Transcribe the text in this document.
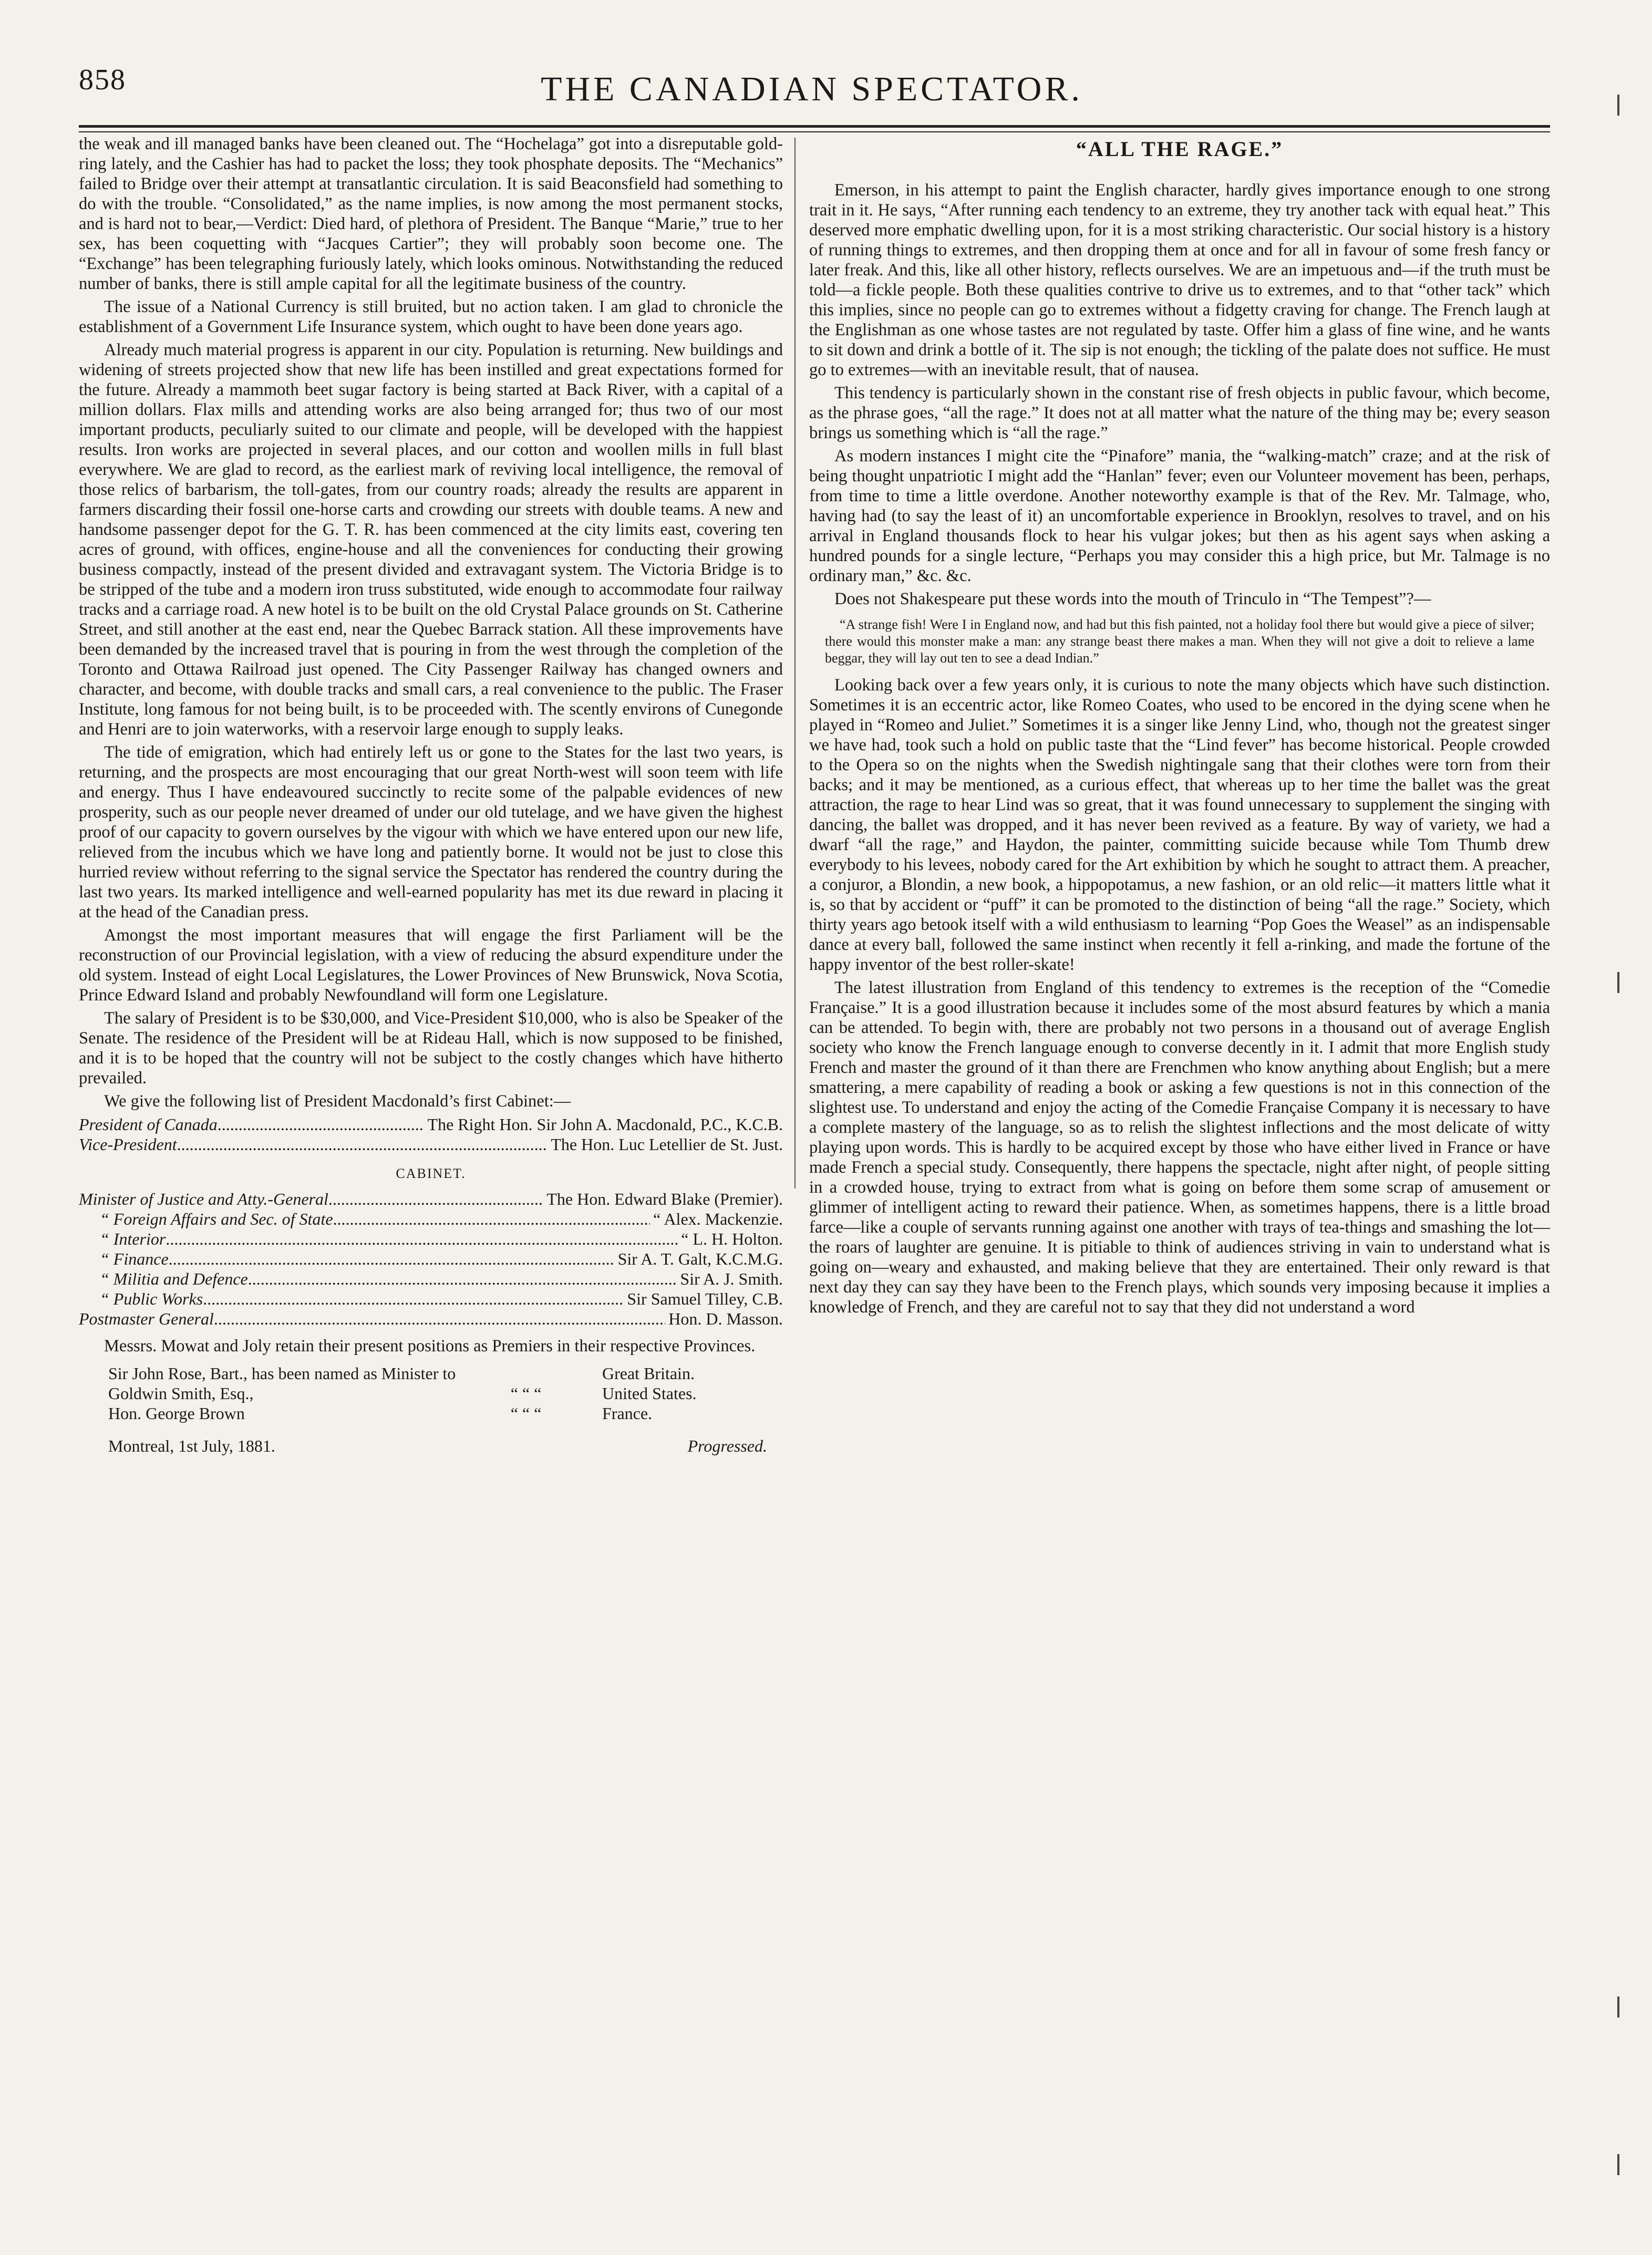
858	THE CANADIAN SPECTATOR.

the weak and ill managed banks have been cleaned out. The “Hochelaga” got into a disreputable gold-ring lately, and the Cashier has had to packet the loss; they took phosphate deposits. The “Mechanics” failed to Bridge over their attempt at transatlantic circulation. It is said Beaconsfield had something to do with the trouble. “Consolidated,” as the name implies, is now among the most permanent stocks, and is hard not to bear,—Verdict: Died hard, of plethora of President. The Banque “Marie,” true to her sex, has been coquetting with “Jacques Cartier”; they will probably soon become one. The “Exchange” has been telegraphing furiously lately, which looks ominous. Notwithstanding the reduced number of banks, there is still ample capital for all the legitimate business of the country.

The issue of a National Currency is still bruited, but no action taken. I am glad to chronicle the establishment of a Government Life Insurance system, which ought to have been done years ago.

Already much material progress is apparent in our city. Population is returning. New buildings and widening of streets projected show that new life has been instilled and great expectations formed for the future. Already a mammoth beet sugar factory is being started at Back River, with a capital of a million dollars. Flax mills and attending works are also being arranged for; thus two of our most important products, peculiarly suited to our climate and people, will be developed with the happiest results. Iron works are projected in several places, and our cotton and woollen mills in full blast everywhere. We are glad to record, as the earliest mark of reviving local intelligence, the removal of those relics of barbarism, the toll-gates, from our country roads; already the results are apparent in farmers discarding their fossil one-horse carts and crowding our streets with double teams. A new and handsome passenger depot for the G. T. R. has been commenced at the city limits east, covering ten acres of ground, with offices, engine-house and all the conveniences for conducting their growing business compactly, instead of the present divided and extravagant system. The Victoria Bridge is to be stripped of the tube and a modern iron truss substituted, wide enough to accommodate four railway tracks and a carriage road. A new hotel is to be built on the old Crystal Palace grounds on St. Catherine Street, and still another at the east end, near the Quebec Barrack station. All these improvements have been demanded by the increased travel that is pouring in from the west through the completion of the Toronto and Ottawa Railroad just opened. The City Passenger Railway has changed owners and character, and become, with double tracks and small cars, a real convenience to the public. The Fraser Institute, long famous for not being built, is to be proceeded with. The scently environs of Cunegonde and Henri are to join waterworks, with a reservoir large enough to supply leaks.

The tide of emigration, which had entirely left us or gone to the States for the last two years, is returning, and the prospects are most encouraging that our great North-west will soon teem with life and energy. Thus I have endeavoured succinctly to recite some of the palpable evidences of new prosperity, such as our people never dreamed of under our old tutelage, and we have given the highest proof of our capacity to govern ourselves by the vigour with which we have entered upon our new life, relieved from the incubus which we have long and patiently borne. It would not be just to close this hurried review without referring to the signal service the Spectator has rendered the country during the last two years. Its marked intelligence and well-earned popularity has met its due reward in placing it at the head of the Canadian press.

Amongst the most important measures that will engage the first Parliament will be the reconstruction of our Provincial legislation, with a view of reducing the absurd expenditure under the old system. Instead of eight Local Legislatures, the Lower Provinces of New Brunswick, Nova Scotia, Prince Edward Island and probably Newfoundland will form one Legislature.

The salary of President is to be $30,000, and Vice-President $10,000, who is also be Speaker of the Senate. The residence of the President will be at Rideau Hall, which is now supposed to be finished, and it is to be hoped that the country will not be subject to the costly changes which have hitherto prevailed.

We give the following list of President Macdonald’s first Cabinet:—

President of Canada .....	The Right Hon. Sir John A. Macdonald, P.C., K.C.B.
Vice-President .....	The Hon. Luc Letellier de St. Just.
CABINET.
Minister of Justice and Atty.-General .....	The Hon. Edward Blake (Premier).
“ Foreign Affairs and Sec. of State .....	“ Alex. Mackenzie.
“ Interior .....	“ L. H. Holton.
“ Finance .....	Sir A. T. Galt, K.C.M.G.
“ Militia and Defence .....	Sir A. J. Smith.
“ Public Works .....	Sir Samuel Tilley, C.B.
Postmaster General .....	Hon. D. Masson.

Messrs. Mowat and Joly retain their present positions as Premiers in their respective Provinces.

Sir John Rose, Bart., has been named as Minister to	Great Britain.
Goldwin Smith, Esq.,	“ “ “	United States.
Hon. George Brown	“ “ “	France.
Montreal, 1st July, 1881.	Progressed.
“ALL THE RAGE.”

Emerson, in his attempt to paint the English character, hardly gives importance enough to one strong trait in it. He says, “After running each tendency to an extreme, they try another tack with equal heat.” This deserved more emphatic dwelling upon, for it is a most striking characteristic. Our social history is a history of running things to extremes, and then dropping them at once and for all in favour of some fresh fancy or later freak. And this, like all other history, reflects ourselves. We are an impetuous and—if the truth must be told—a fickle people. Both these qualities contrive to drive us to extremes, and to that “other tack” which this implies, since no people can go to extremes without a fidgetty craving for change. The French laugh at the Englishman as one whose tastes are not regulated by taste. Offer him a glass of fine wine, and he wants to sit down and drink a bottle of it. The sip is not enough; the tickling of the palate does not suffice. He must go to extremes—with an inevitable result, that of nausea.

This tendency is particularly shown in the constant rise of fresh objects in public favour, which become, as the phrase goes, “all the rage.” It does not at all matter what the nature of the thing may be; every season brings us something which is “all the rage.”

As modern instances I might cite the “Pinafore” mania, the “walking-match” craze; and at the risk of being thought unpatriotic I might add the “Hanlan” fever; even our Volunteer movement has been, perhaps, from time to time a little overdone. Another noteworthy example is that of the Rev. Mr. Talmage, who, having had (to say the least of it) an uncomfortable experience in Brooklyn, resolves to travel, and on his arrival in England thousands flock to hear his vulgar jokes; but then as his agent says when asking a hundred pounds for a single lecture, “Perhaps you may consider this a high price, but Mr. Talmage is no ordinary man,” &c. &c.

Does not Shakespeare put these words into the mouth of Trinculo in “The Tempest”?—

“A strange fish! Were I in England now, and had but this fish painted, not a holiday fool there but would give a piece of silver; there would this monster make a man: any strange beast there makes a man. When they will not give a doit to relieve a lame beggar, they will lay out ten to see a dead Indian.”

Looking back over a few years only, it is curious to note the many objects which have such distinction. Sometimes it is an eccentric actor, like Romeo Coates, who used to be encored in the dying scene when he played in “Romeo and Juliet.” Sometimes it is a singer like Jenny Lind, who, though not the greatest singer we have had, took such a hold on public taste that the “Lind fever” has become historical. People crowded to the Opera so on the nights when the Swedish nightingale sang that their clothes were torn from their backs; and it may be mentioned, as a curious effect, that whereas up to her time the ballet was the great attraction, the rage to hear Lind was so great, that it was found unnecessary to supplement the singing with dancing, the ballet was dropped, and it has never been revived as a feature. By way of variety, we had a dwarf “all the rage,” and Haydon, the painter, committing suicide because while Tom Thumb drew everybody to his levees, nobody cared for the Art exhibition by which he sought to attract them. A preacher, a conjuror, a Blondin, a new book, a hippopotamus, a new fashion, or an old relic—it matters little what it is, so that by accident or “puff” it can be promoted to the distinction of being “all the rage.” Society, which thirty years ago betook itself with a wild enthusiasm to learning “Pop Goes the Weasel” as an indispensable dance at every ball, followed the same instinct when recently it fell a-rinking, and made the fortune of the happy inventor of the best roller-skate!

The latest illustration from England of this tendency to extremes is the reception of the “Comedie Française.” It is a good illustration because it includes some of the most absurd features by which a mania can be attended. To begin with, there are probably not two persons in a thousand out of average English society who know the French language enough to converse decently in it. I admit that more English study French and master the ground of it than there are Frenchmen who know anything about English; but a mere smattering, a mere capability of reading a book or asking a few questions is not in this connection of the slightest use. To understand and enjoy the acting of the Comedie Française Company it is necessary to have a complete mastery of the language, so as to relish the slightest inflections and the most delicate of witty playing upon words. This is hardly to be acquired except by those who have either lived in France or have made French a special study. Consequently, there happens the spectacle, night after night, of people sitting in a crowded house, trying to extract from what is going on before them some scrap of amusement or glimmer of intelligent acting to reward their patience. When, as sometimes happens, there is a little broad farce—like a couple of servants running against one another with trays of tea-things and smashing the lot—the roars of laughter are genuine. It is pitiable to think of audiences striving in vain to understand what is going on—weary and exhausted, and making believe that they are entertained. Their only reward is that next day they can say they have been to the French plays, which sounds very imposing because it implies a knowledge of French, and they are careful not to say that they did not understand a word
